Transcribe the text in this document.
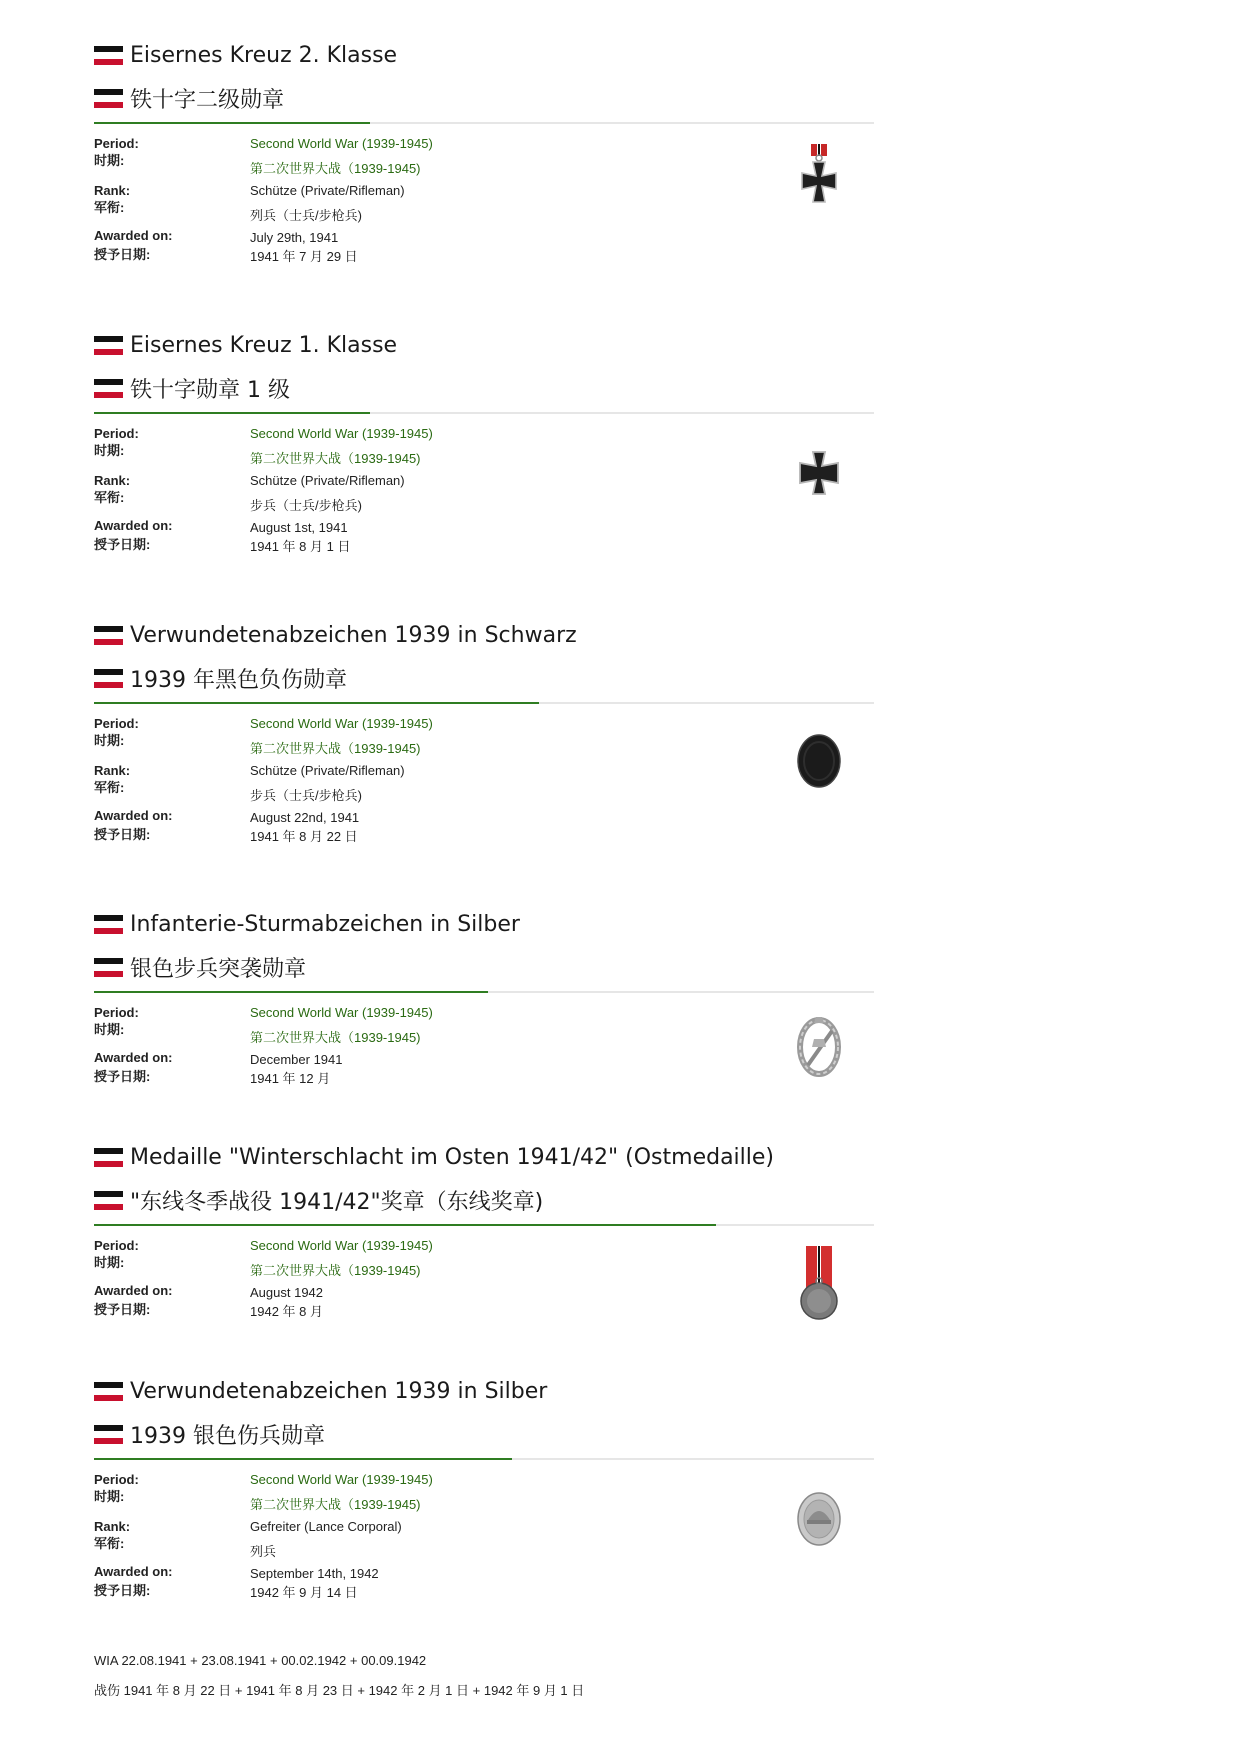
Eisernes Kreuz 2. Klasse
铁十字二级勋章
Period:	Second World War (1939-1945)
时期:
第二次世界大战（1939-1945)
Rank:	Schütze (Private/Rifleman)
军衔:
列兵（士兵/步枪兵)
Awarded on:	July 29th, 1941
授予日期:	1941 年 7 月 29 日
Eisernes Kreuz 1. Klasse
铁十字勋章 1 级
Period:	Second World War (1939-1945)
时期:
第二次世界大战（1939-1945)
Rank:	Schütze (Private/Rifleman)
军衔:
步兵（士兵/步枪兵)
Awarded on:	August 1st, 1941
授予日期:	1941 年 8 月 1 日
Verwundetenabzeichen 1939 in Schwarz
1939 年黑色负伤勋章
Period:	Second World War (1939-1945)
时期:
第二次世界大战（1939-1945)
Rank:	Schütze (Private/Rifleman)
军衔:
步兵（士兵/步枪兵)
Awarded on:	August 22nd, 1941
授予日期:	1941 年 8 月 22 日
Infanterie-Sturmabzeichen in Silber
银色步兵突袭勋章
Period:	Second World War (1939-1945)
时期:
第二次世界大战（1939-1945)
Awarded on:	December 1941
授予日期:	1941 年 12 月
Medaille "Winterschlacht im Osten 1941/42" (Ostmedaille)
"东线冬季战役 1941/42"奖章（东线奖章)
Period:	Second World War (1939-1945)
时期:
第二次世界大战（1939-1945)
Awarded on:	August 1942
授予日期:	1942 年 8 月
Verwundetenabzeichen 1939 in Silber
1939 银色伤兵勋章
Period:	Second World War (1939-1945)
时期:
第二次世界大战（1939-1945)
Rank:	Gefreiter (Lance Corporal)
军衔:
列兵
Awarded on:	September 14th, 1942
授予日期:	1942 年 9 月 14 日
WIA 22.08.1941 + 23.08.1941 + 00.02.1942 + 00.09.1942
战伤 1941 年 8 月 22 日 + 1941 年 8 月 23 日 + 1942 年 2 月 1 日 + 1942 年 9 月 1 日
